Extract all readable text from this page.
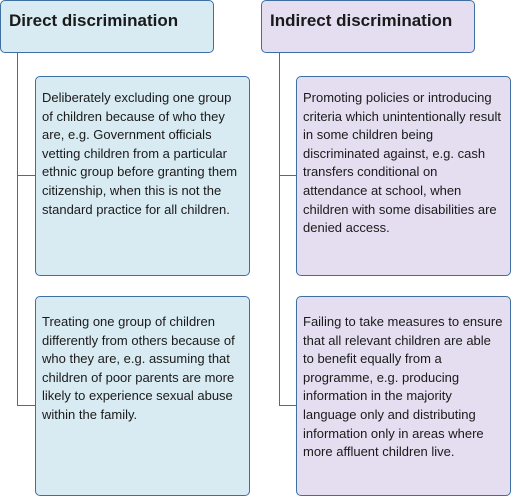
Direct discrimination
Deliberately excluding one group of children because of who they are, e.g. Government officials vetting children from a particular ethnic group before granting them citizenship, when this is not the standard practice for all children.
Treating one group of children differently from others because of who they are, e.g. assuming that children of poor parents are more likely to experience sexual abuse within the family.
Indirect discrimination
Promoting policies or introducing criteria which unintentionally result in some children being discriminated against, e.g. cash transfers conditional on attendance at school, when children with some disabilities are denied access.
Failing to take measures to ensure that all relevant children are able to benefit equally from a programme, e.g. producing information in the majority language only and distributing information only in areas where more affluent children live.
